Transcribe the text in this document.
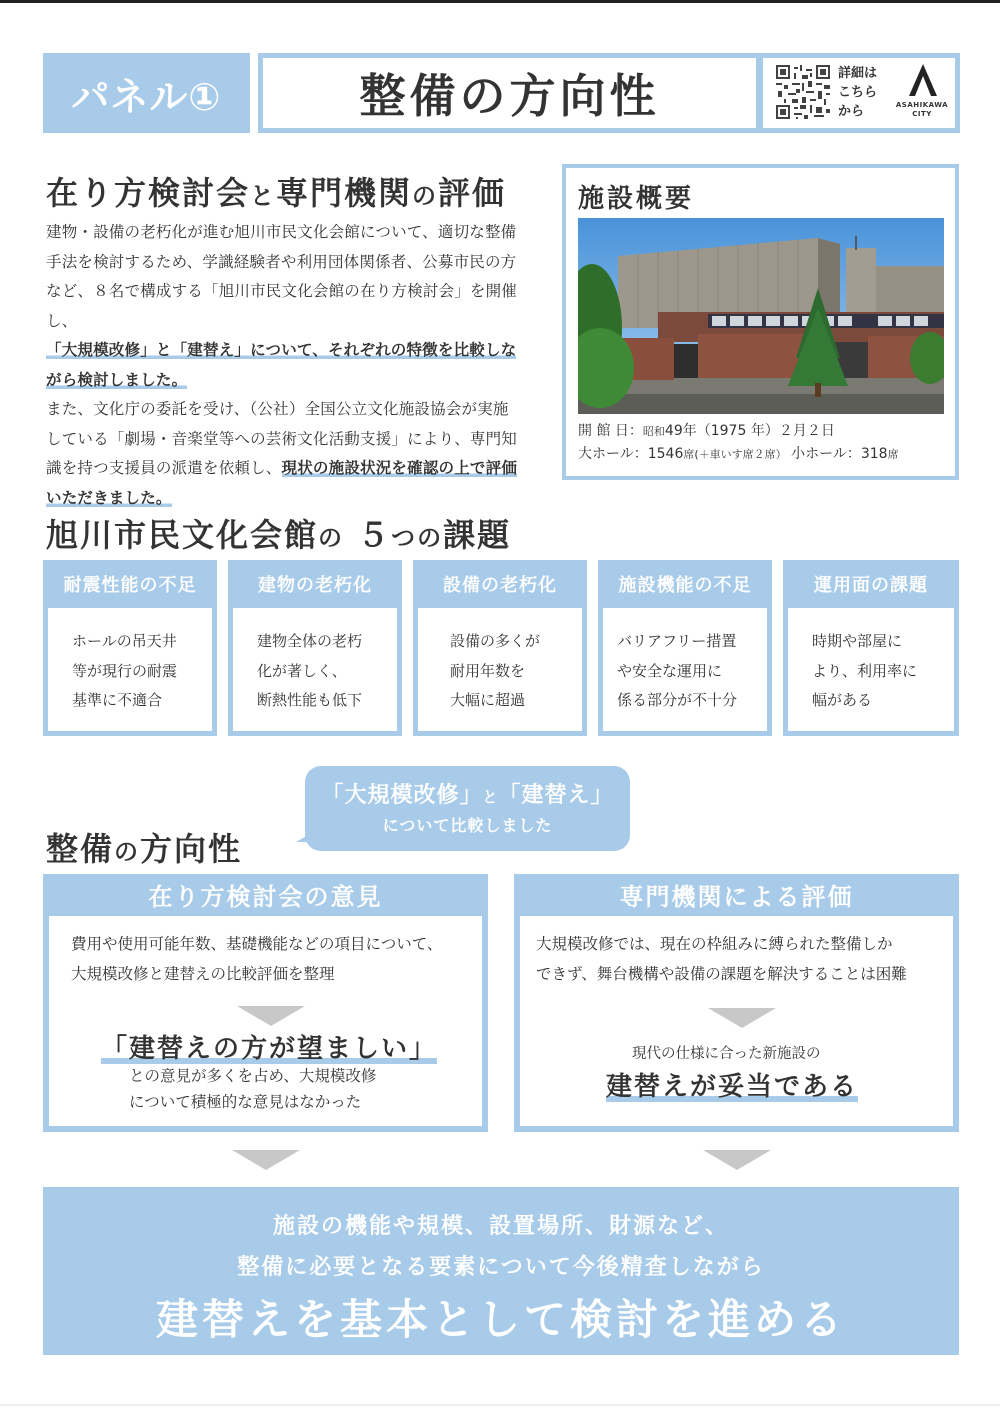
パネル①	整備の方向性	詳細は
こちら
から	ASAHIKAWA
CITY
在り方検討会と専門機関の評価
建物・設備の老朽化が進む旭川市民文化会館について、適切な整備
手法を検討するため、学識経験者や利用団体関係者、公募市民の方
など、８名で構成する「旭川市民文化会館の在り方検討会」を開催し、
「大規模改修」と「建替え」について、それぞれの特徴を比較しな
がら検討しました。
また、文化庁の委託を受け、（公社）全国公立文化施設協会が実施
している「劇場・音楽堂等への芸術文化活動支援」により、専門知
識を持つ支援員の派遣を依頼し、現状の施設状況を確認の上で評価
いただきました。
施設概要
開 館 日：昭和49年（1975 年）２月２日
大ホール：1546席(＋車いす席２席） 小ホール：318席
旭川市民文化会館の ５つの課題
耐震性能の不足

ホールの吊天井

等が現行の耐震

基準に不適合

建物の老朽化

建物全体の老朽

化が著しく、

断熱性能も低下

設備の老朽化

設備の多くが

耐用年数を

大幅に超過

施設機能の不足

バリアフリー措置

や安全な運用に

係る部分が不十分

運用面の課題

時期や部屋に

より、利用率に

幅がある

整備の方向性
「大規模改修」と「建替え」
について比較しました
在り方検討会の意見
費用や使用可能年数、基礎機能などの項目について、
大規模改修と建替えの比較評価を整理
「建替えの方が望ましい」
との意見が多くを占め、大規模改修
について積極的な意見はなかった
専門機関による評価
大規模改修では、現在の枠組みに縛られた整備しか
できず、舞台機構や設備の課題を解決することは困難
現代の仕様に合った新施設の
建替えが妥当である
施設の機能や規模、設置場所、財源など、
整備に必要となる要素について今後精査しながら
建替えを基本として検討を進める
